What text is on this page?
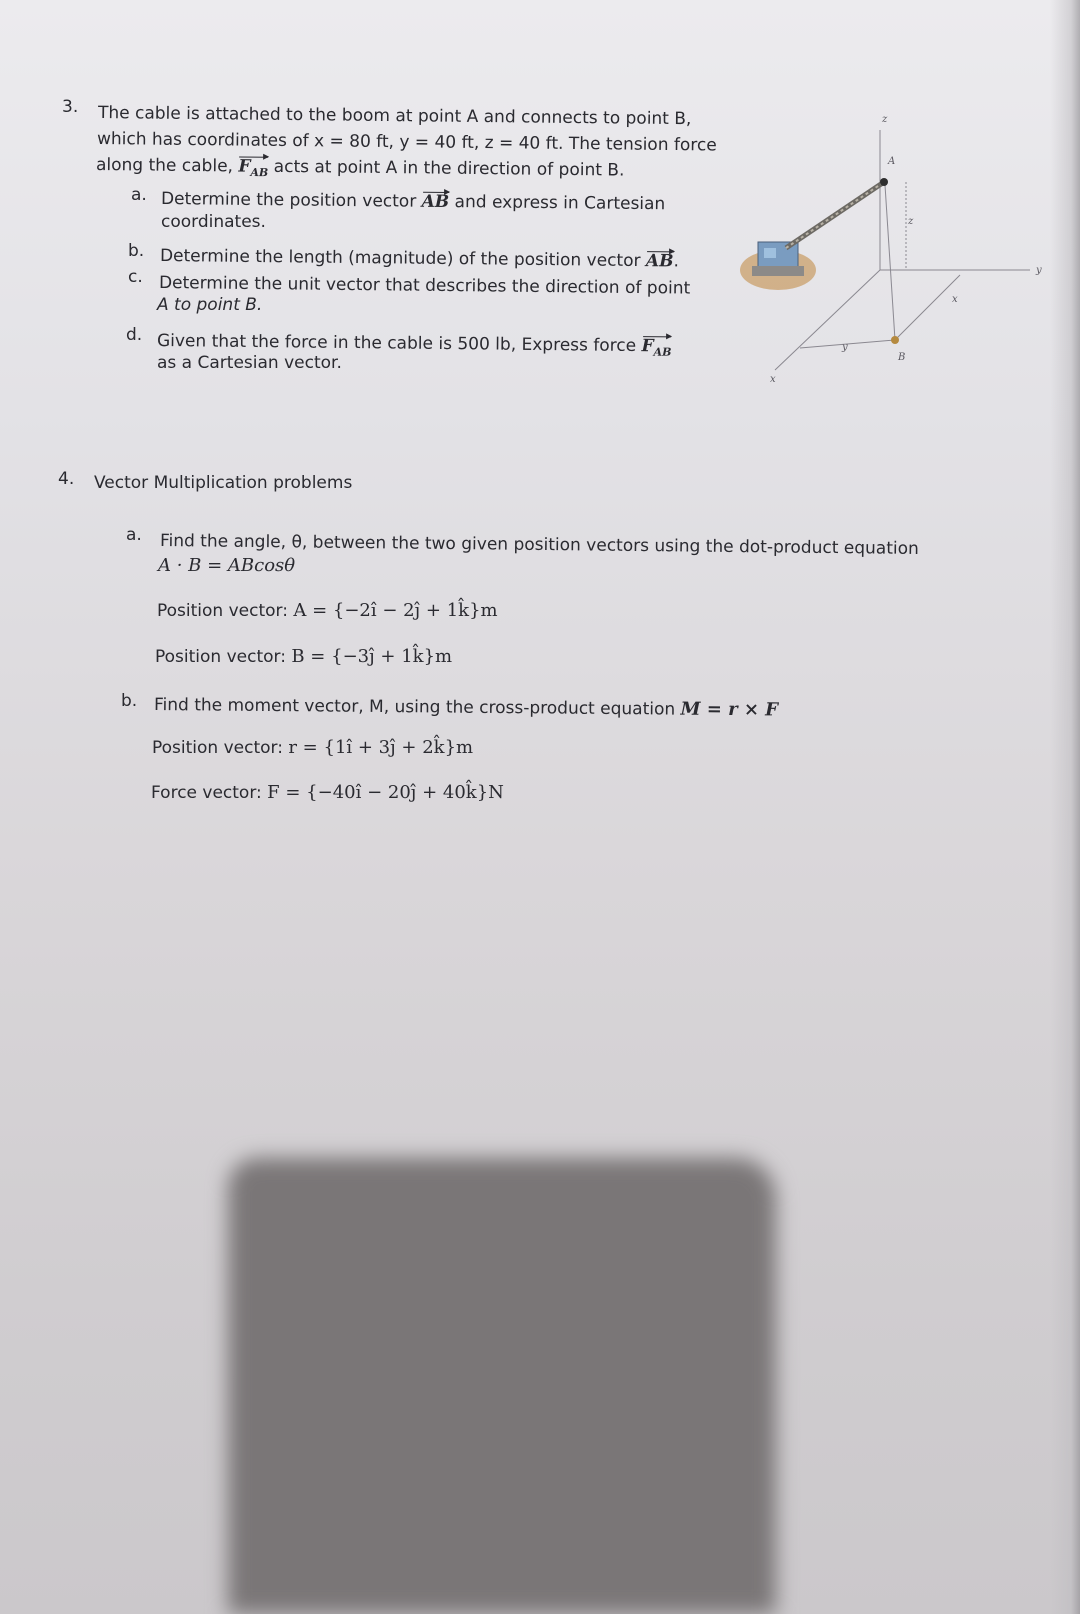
3. The cable is attached to the boom at point A and connects to point B,
which has coordinates of x = 80 ft, y = 40 ft, z = 40 ft. The tension force
along the cable, $F_{AB}$ acts at point A in the direction of point B.
a. Determine the position vector AB and express in Cartesian
coordinates.
b. Determine the length (magnitude) of the position vector AB.
c. Determine the unit vector that describes the direction of point
A to point B.
d. Given that the force in the cable is 500 lb, Express force $F_{AB}$
as a Cartesian vector.
z
A
z
y
x
y
B
x
4. Vector Multiplication problems
a. Find the angle, θ, between the two given position vectors using the dot-product equation
A · B = ABcosθ
Position vector: A = {−2î − 2ĵ + 1k̂}m
Position vector: B = {−3ĵ + 1k̂}m
b. Find the moment vector, M, using the cross-product equation M = r × F
Position vector: r = {1î + 3ĵ + 2k̂}m
Force vector: F = {−40î − 20ĵ + 40k̂}N
